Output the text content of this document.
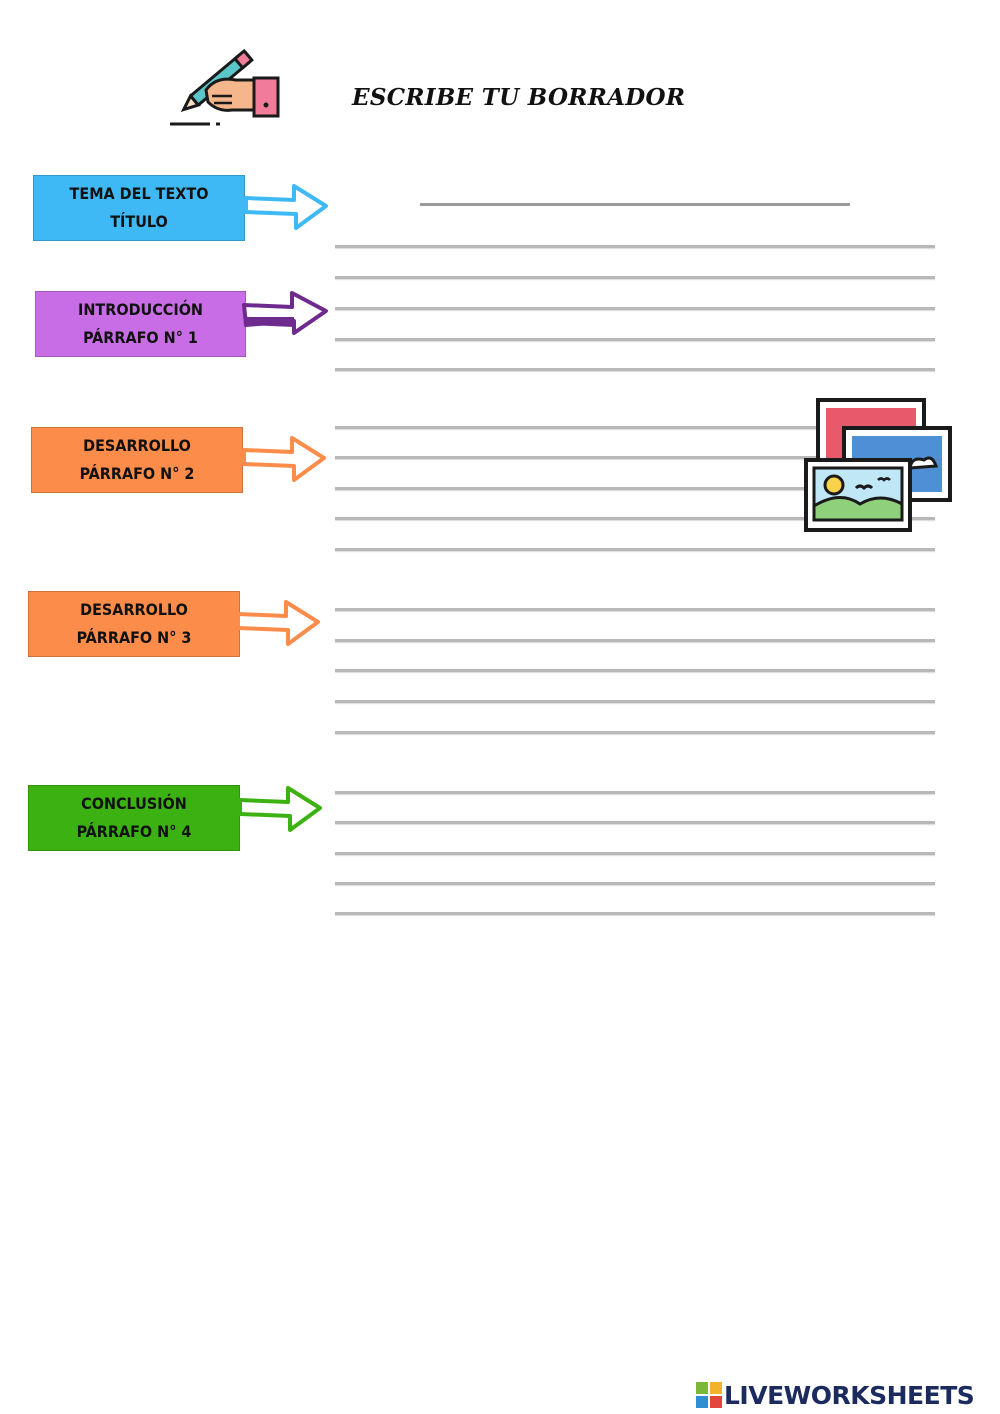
ESCRIBE TU BORRADOR
TEMA DEL TEXTO
TÍTULO
INTRODUCCIÓN
PÁRRAFO N° 1
DESARROLLO
PÁRRAFO N° 2
DESARROLLO
PÁRRAFO N° 3
CONCLUSIÓN
PÁRRAFO N° 4
LIVEWORKSHEETS
